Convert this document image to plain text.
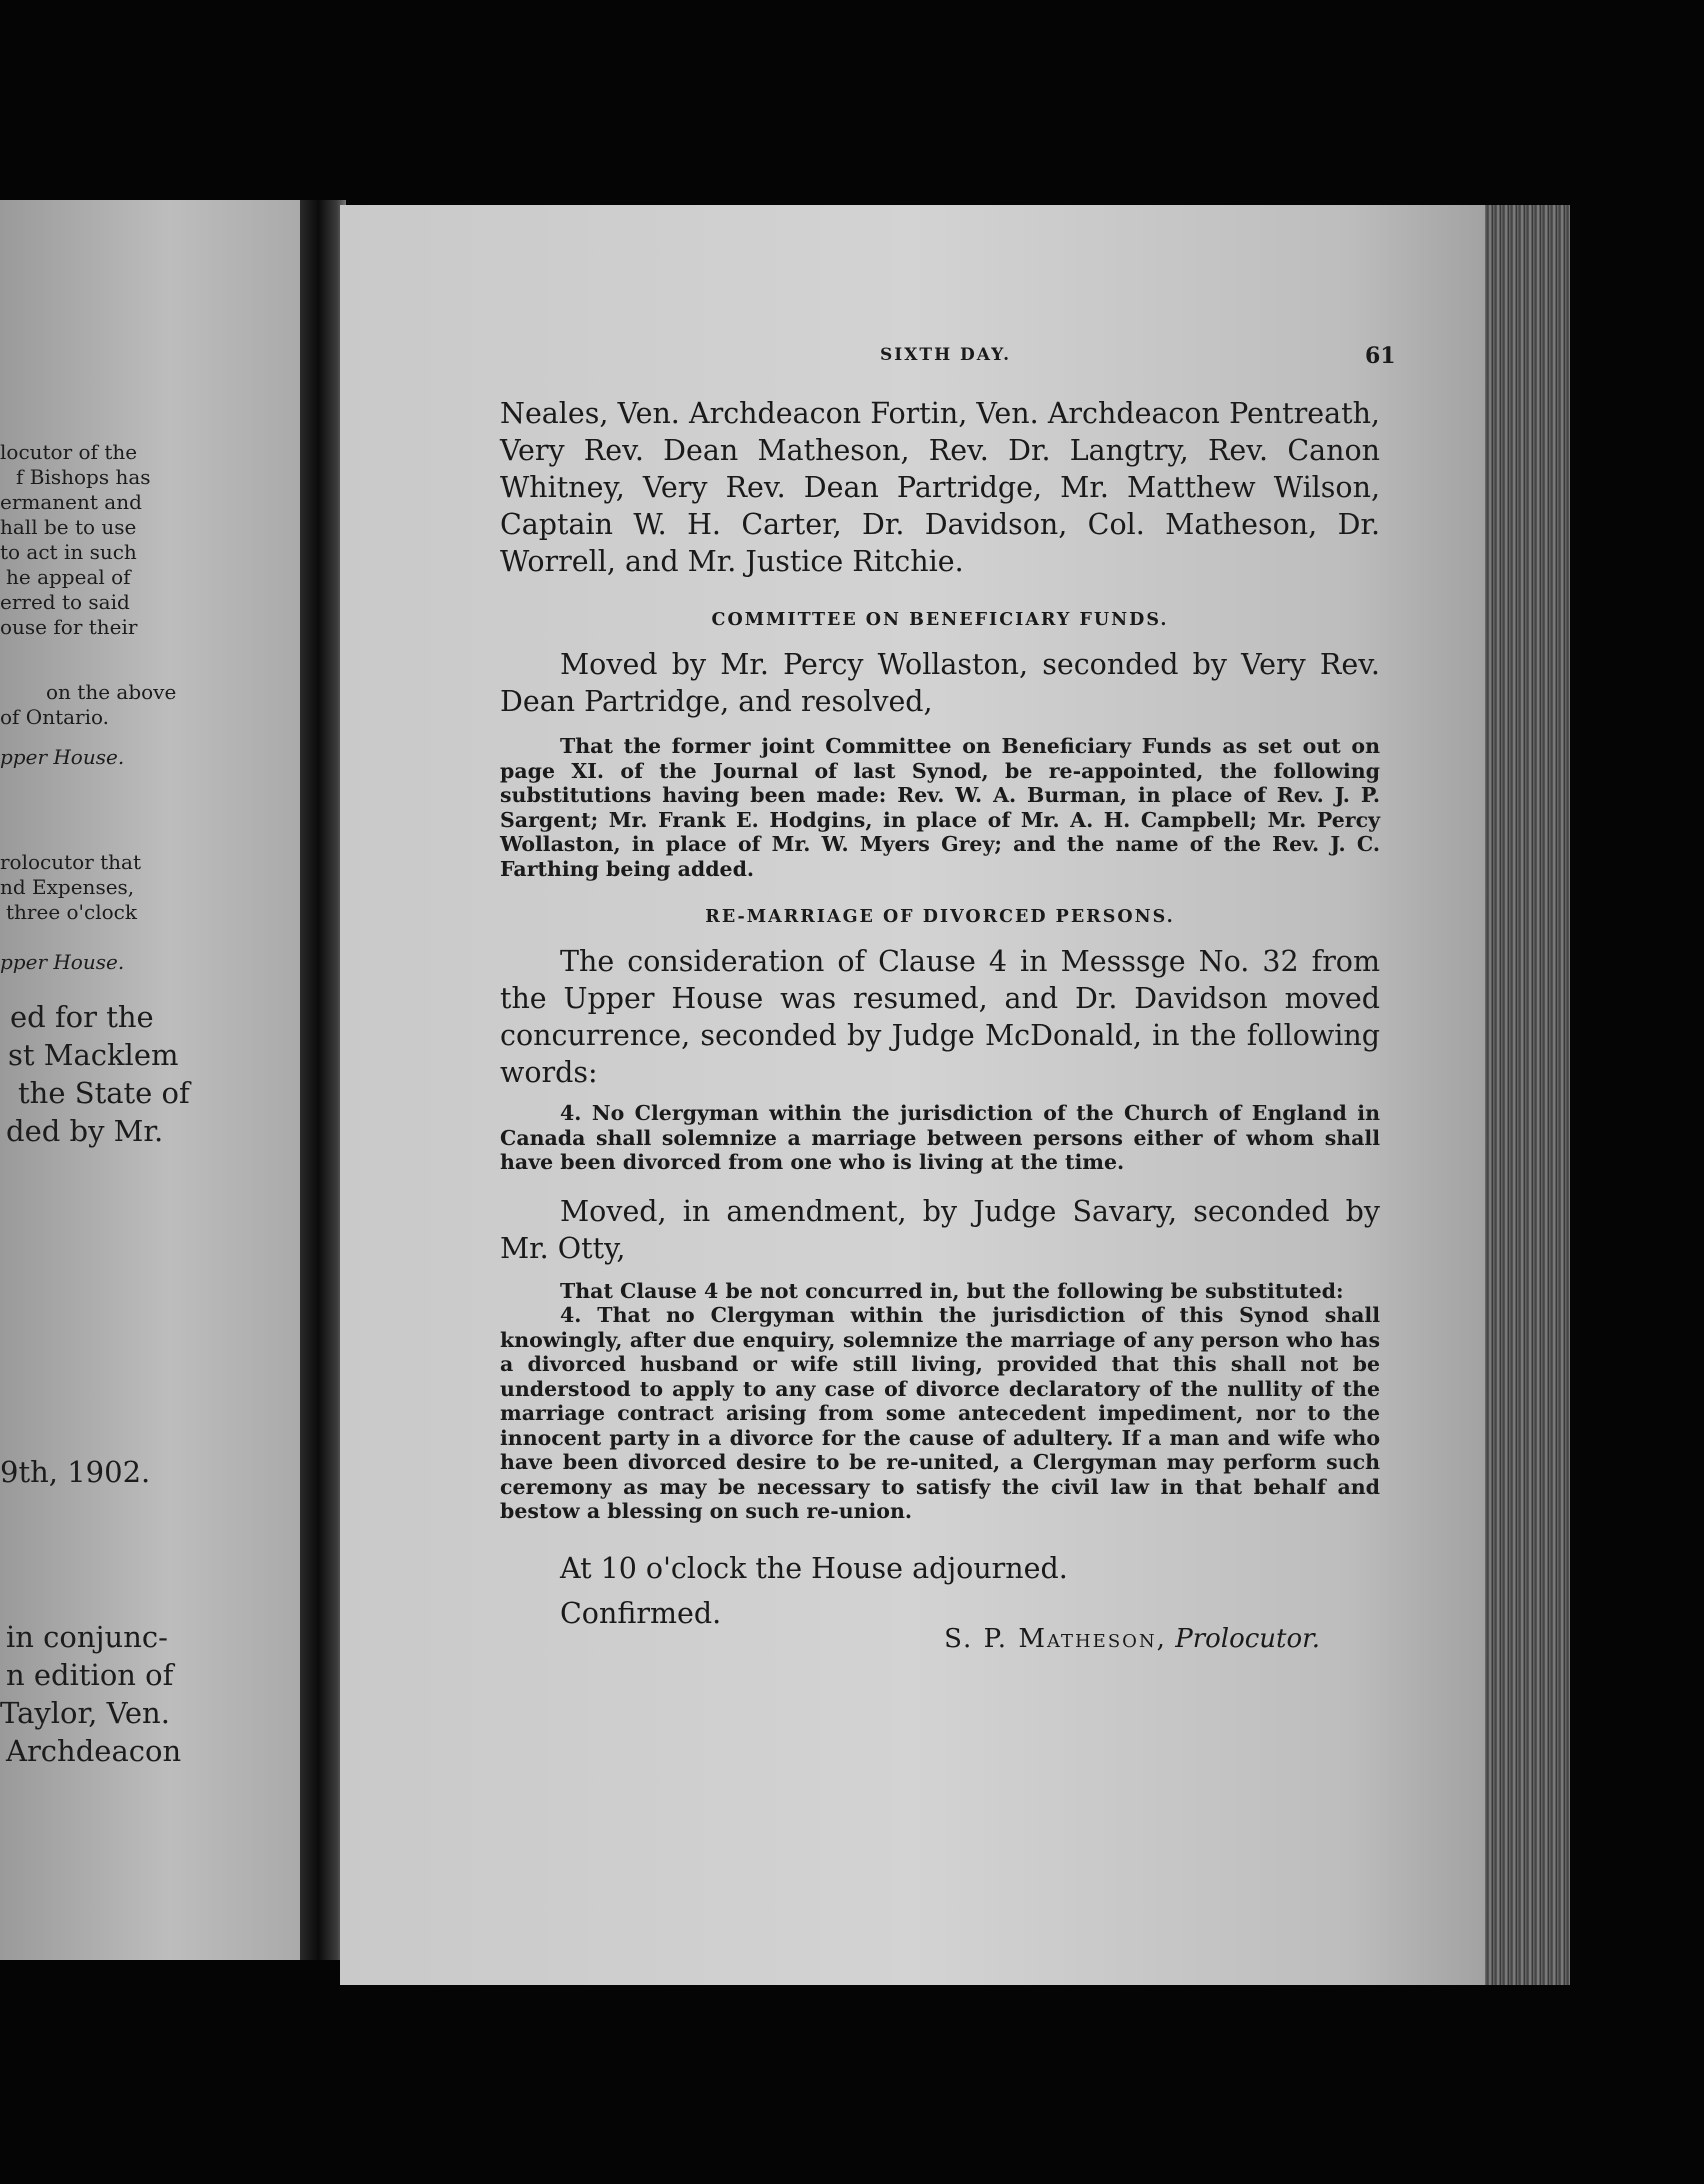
locutor of the
f Bishops has
ermanent and
hall be to use
to act in such
he appeal of
erred to said
ouse for their
on the above
of Ontario.
pper House.
rolocutor that
nd Expenses,
three o'clock
pper House.
ed for the
st Macklem
the State of
ded by Mr.
9th, 1902.
in conjunc-
n edition of
Taylor, Ven.
Archdeacon
SIXTH DAY.	61

Neales, Ven. Archdeacon Fortin, Ven. Archdeacon Pentreath, Very Rev. Dean Matheson, Rev. Dr. Langtry, Rev. Canon Whitney, Very Rev. Dean Partridge, Mr. Matthew Wilson, Captain W. H. Carter, Dr. Davidson, Col. Matheson, Dr. Worrell, and Mr. Justice Ritchie.

COMMITTEE ON BENEFICIARY FUNDS.

Moved by Mr. Percy Wollaston, seconded by Very Rev. Dean Partridge, and resolved,

That the former joint Committee on Beneficiary Funds as set out on page XI. of the Journal of last Synod, be re-appointed, the following substitutions having been made: Rev. W. A. Burman, in place of Rev. J. P. Sargent; Mr. Frank E. Hodgins, in place of Mr. A. H. Campbell; Mr. Percy Wollaston, in place of Mr. W. Myers Grey; and the name of the Rev. J. C. Farthing being added.

RE-MARRIAGE OF DIVORCED PERSONS.

The consideration of Clause 4 in Messsge No. 32 from the Upper House was resumed, and Dr. Davidson moved concurrence, seconded by Judge McDonald, in the following words:

4. No Clergyman within the jurisdiction of the Church of England in Canada shall solemnize a marriage between persons either of whom shall have been divorced from one who is living at the time.

Moved, in amendment, by Judge Savary, seconded by Mr. Otty,

That Clause 4 be not concurred in, but the following be substituted:

4. That no Clergyman within the jurisdiction of this Synod shall knowingly, after due enquiry, solemnize the marriage of any person who has a divorced husband or wife still living, provided that this shall not be understood to apply to any case of divorce declaratory of the nullity of the marriage contract arising from some antecedent impediment, nor to the innocent party in a divorce for the cause of adultery. If a man and wife who have been divorced desire to be re-united, a Clergyman may perform such ceremony as may be necessary to satisfy the civil law in that behalf and bestow a blessing on such re-union.

At 10 o'clock the House adjourned.

Confirmed.

S. P. Matheson, Prolocutor.
